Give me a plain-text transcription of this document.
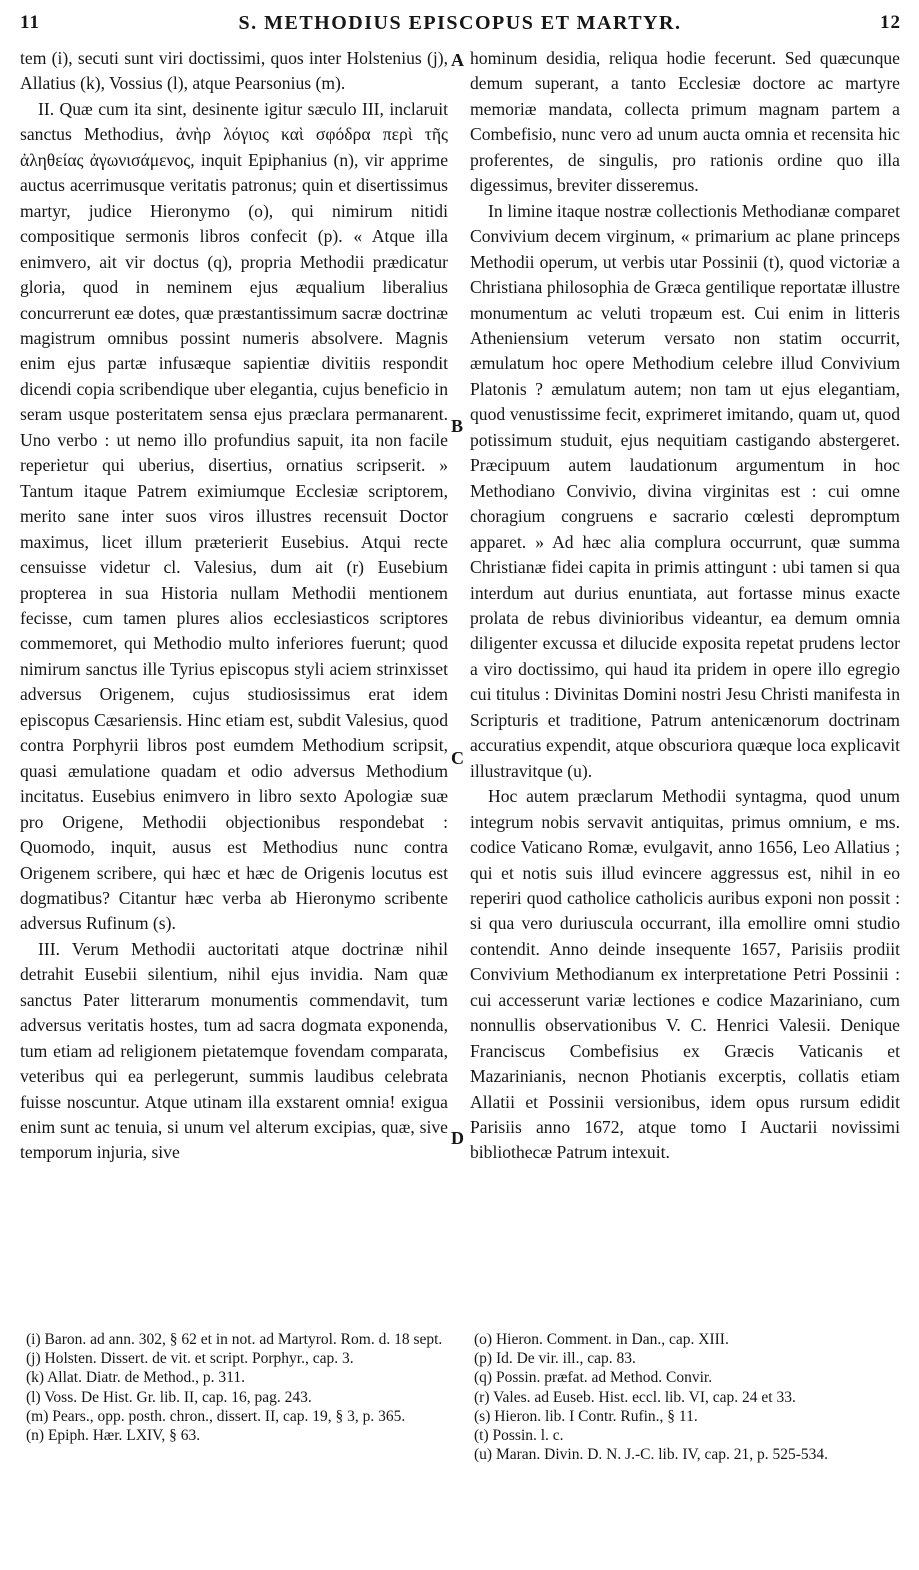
11	S. METHODIUS EPISCOPUS ET MARTYR.	12

tem (i), secuti sunt viri doctissimi, quos inter Holstenius (j), Allatius (k), Vossius (l), atque Pearsonius (m).

II. Quæ cum ita sint, desinente igitur sæculo III, inclaruit sanctus Methodius, ἀνὴρ λόγιος καὶ σφόδρα περὶ τῆς ἀληθείας ἀγωνισάμενος, inquit Epiphanius (n), vir apprime auctus acerrimusque veritatis patronus; quin et disertissimus martyr, judice Hieronymo (o), qui nimirum nitidi compositique sermonis libros confecit (p). « Atque illa enimvero, ait vir doctus (q), propria Methodii prædicatur gloria, quod in neminem ejus æqualium liberalius concurrerunt eæ dotes, quæ præstantissimum sacræ doctrinæ magistrum omnibus possint numeris absolvere. Magnis enim ejus partæ infusæque sapientiæ divitiis respondit dicendi copia scribendique uber elegantia, cujus beneficio in seram usque posteritatem sensa ejus præclara permanarent. Uno verbo : ut nemo illo profundius sapuit, ita non facile reperietur qui uberius, disertius, ornatius scripserit. » Tantum itaque Patrem eximiumque Ecclesiæ scriptorem, merito sane inter suos viros illustres recensuit Doctor maximus, licet illum præterierit Eusebius. Atqui recte censuisse videtur cl. Valesius, dum ait (r) Eusebium propterea in sua Historia nullam Methodii mentionem fecisse, cum tamen plures alios ecclesiasticos scriptores commemoret, qui Methodio multo inferiores fuerunt; quod nimirum sanctus ille Tyrius episcopus styli aciem strinxisset adversus Origenem, cujus studiosissimus erat idem episcopus Cæsariensis. Hinc etiam est, subdit Valesius, quod contra Porphyrii libros post eumdem Methodium scripsit, quasi æmulatione quadam et odio adversus Methodium incitatus. Eusebius enimvero in libro sexto Apologiæ suæ pro Origene, Methodii objectionibus respondebat : Quomodo, inquit, ausus est Methodius nunc contra Origenem scribere, qui hæc et hæc de Origenis locutus est dogmatibus? Citantur hæc verba ab Hieronymo scribente adversus Rufinum (s).

III. Verum Methodii auctoritati atque doctrinæ nihil detrahit Eusebii silentium, nihil ejus invidia. Nam quæ sanctus Pater litterarum monumentis commendavit, tum adversus veritatis hostes, tum ad sacra dogmata exponenda, tum etiam ad religionem pietatemque fovendam comparata, veteribus qui ea perlegerunt, summis laudibus celebrata fuisse noscuntur. Atque utinam illa exstarent omnia! exigua enim sunt ac tenuia, si unum vel alterum excipias, quæ, sive temporum injuria, sive

A
B
C
D

hominum desidia, reliqua hodie fecerunt. Sed quæcunque demum superant, a tanto Ecclesiæ doctore ac martyre memoriæ mandata, collecta primum magnam partem a Combefisio, nunc vero ad unum aucta omnia et recensita hic proferentes, de singulis, pro rationis ordine quo illa digessimus, breviter disseremus.

In limine itaque nostræ collectionis Methodianæ comparet Convivium decem virginum, « primarium ac plane princeps Methodii operum, ut verbis utar Possinii (t), quod victoriæ a Christiana philosophia de Græca gentilique reportatæ illustre monumentum ac veluti tropæum est. Cui enim in litteris Atheniensium veterum versato non statim occurrit, æmulatum hoc opere Methodium celebre illud Convivium Platonis ? æmulatum autem; non tam ut ejus elegantiam, quod venustissime fecit, exprimeret imitando, quam ut, quod potissimum studuit, ejus nequitiam castigando abstergeret. Præcipuum autem laudationum argumentum in hoc Methodiano Convivio, divina virginitas est : cui omne choragium congruens e sacrario cœlesti depromptum apparet. » Ad hæc alia complura occurrunt, quæ summa Christianæ fidei capita in primis attingunt : ubi tamen si qua interdum aut durius enuntiata, aut fortasse minus exacte prolata de rebus divinioribus videantur, ea demum omnia diligenter excussa et dilucide exposita repetat prudens lector a viro doctissimo, qui haud ita pridem in opere illo egregio cui titulus : Divinitas Domini nostri Jesu Christi manifesta in Scripturis et traditione, Patrum antenicænorum doctrinam accuratius expendit, atque obscuriora quæque loca explicavit illustravitque (u).

Hoc autem præclarum Methodii syntagma, quod unum integrum nobis servavit antiquitas, primus omnium, e ms. codice Vaticano Romæ, evulgavit, anno 1656, Leo Allatius ; qui et notis suis illud evincere aggressus est, nihil in eo reperiri quod catholice catholicis auribus exponi non possit : si qua vero duriuscula occurrant, illa emollire omni studio contendit. Anno deinde insequente 1657, Parisiis prodiit Convivium Methodianum ex interpretatione Petri Possinii : cui accesserunt variæ lectiones e codice Mazariniano, cum nonnullis observationibus V. C. Henrici Valesii. Denique Franciscus Combefisius ex Græcis Vaticanis et Mazarinianis, necnon Photianis excerptis, collatis etiam Allatii et Possinii versionibus, idem opus rursum edidit Parisiis anno 1672, atque tomo I Auctarii novissimi bibliothecæ Patrum intexuit.

(i) Baron. ad ann. 302, § 62 et in not. ad Martyrol. Rom. d. 18 sept.

(j) Holsten. Dissert. de vit. et script. Porphyr., cap. 3.

(k) Allat. Diatr. de Method., p. 311.

(l) Voss. De Hist. Gr. lib. II, cap. 16, pag. 243.

(m) Pears., opp. posth. chron., dissert. II, cap. 19, § 3, p. 365.

(n) Epiph. Hær. LXIV, § 63.

(o) Hieron. Comment. in Dan., cap. XIII.

(p) Id. De vir. ill., cap. 83.

(q) Possin. præfat. ad Method. Convir.

(r) Vales. ad Euseb. Hist. eccl. lib. VI, cap. 24 et 33.

(s) Hieron. lib. I Contr. Rufin., § 11.

(t) Possin. l. c.

(u) Maran. Divin. D. N. J.-C. lib. IV, cap. 21, p. 525-534.
